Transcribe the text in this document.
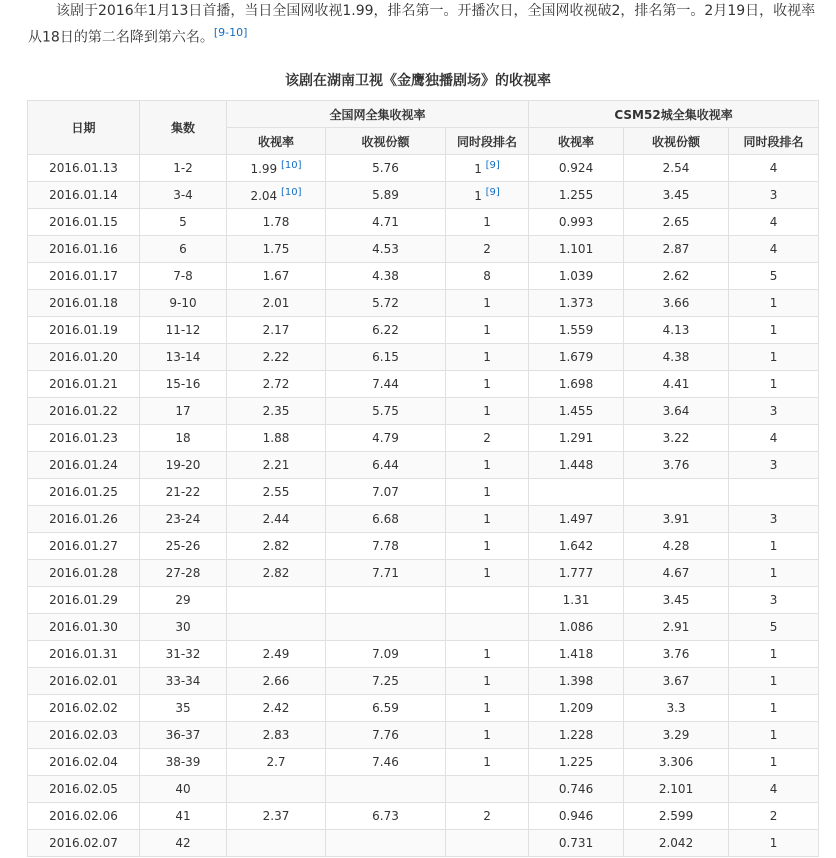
该剧于2016年1月13日首播，当日全国网收视1.99，排名第一。开播次日，全国网收视破2，排名第一。2月19日，收视率从18日的第二名降到第六名。[9-10]
该剧在湖南卫视《金鹰独播剧场》的收视率
日期	集数	全国网全集收视率			CSM52城全集收视率		
		收视率	收视份额	同时段排名	收视率	收视份额	同时段排名
2016.01.13	1-2	1.99 [10]	5.76	1 [9]	0.924	2.54	4
2016.01.14	3-4	2.04 [10]	5.89	1 [9]	1.255	3.45	3
2016.01.15	5	1.78	4.71	1	0.993	2.65	4
2016.01.16	6	1.75	4.53	2	1.101	2.87	4
2016.01.17	7-8	1.67	4.38	8	1.039	2.62	5
2016.01.18	9-10	2.01	5.72	1	1.373	3.66	1
2016.01.19	11-12	2.17	6.22	1	1.559	4.13	1
2016.01.20	13-14	2.22	6.15	1	1.679	4.38	1
2016.01.21	15-16	2.72	7.44	1	1.698	4.41	1
2016.01.22	17	2.35	5.75	1	1.455	3.64	3
2016.01.23	18	1.88	4.79	2	1.291	3.22	4
2016.01.24	19-20	2.21	6.44	1	1.448	3.76	3
2016.01.25	21-22	2.55	7.07	1			
2016.01.26	23-24	2.44	6.68	1	1.497	3.91	3
2016.01.27	25-26	2.82	7.78	1	1.642	4.28	1
2016.01.28	27-28	2.82	7.71	1	1.777	4.67	1
2016.01.29	29				1.31	3.45	3
2016.01.30	30				1.086	2.91	5
2016.01.31	31-32	2.49	7.09	1	1.418	3.76	1
2016.02.01	33-34	2.66	7.25	1	1.398	3.67	1
2016.02.02	35	2.42	6.59	1	1.209	3.3	1
2016.02.03	36-37	2.83	7.76	1	1.228	3.29	1
2016.02.04	38-39	2.7	7.46	1	1.225	3.306	1
2016.02.05	40				0.746	2.101	4
2016.02.06	41	2.37	6.73	2	0.946	2.599	2
2016.02.07	42				0.731	2.042	1
